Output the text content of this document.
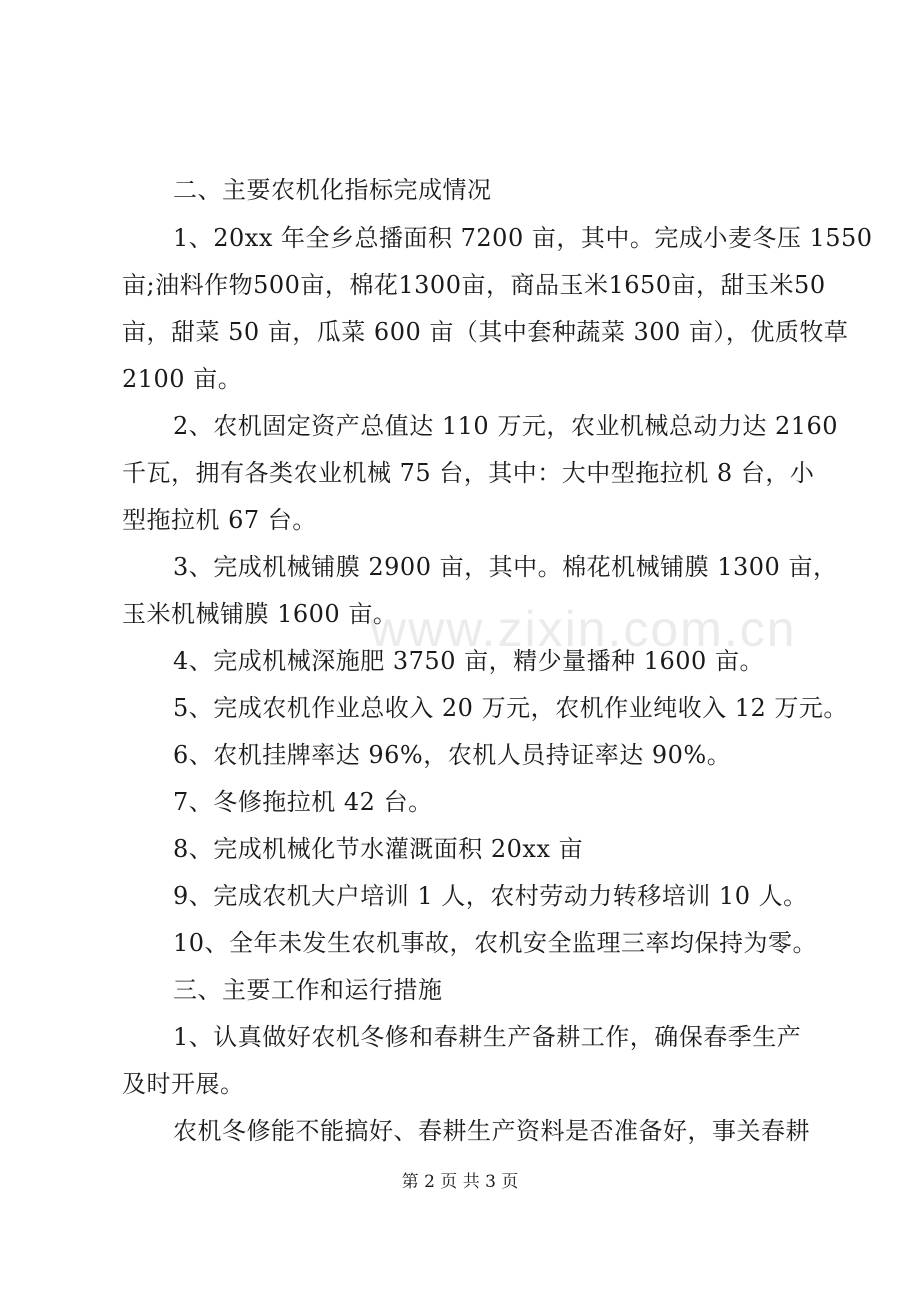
www.zixin.com.cn
二、主要农机化指标完成情况
1、20xx 年全乡总播面积 7200 亩，其中。完成小麦冬压 1550
亩;油料作物500亩，棉花1300亩，商品玉米1650亩，甜玉米50
亩，甜菜 50 亩，瓜菜 600 亩（其中套种蔬菜 300 亩），优质牧草
2100 亩。
2、农机固定资产总值达 110 万元，农业机械总动力达 2160
千瓦，拥有各类农业机械 75 台，其中：大中型拖拉机 8 台，小
型拖拉机 67 台。
3、完成机械铺膜 2900 亩，其中。棉花机械铺膜 1300 亩，
玉米机械铺膜 1600 亩。
4、完成机械深施肥 3750 亩，精少量播种 1600 亩。
5、完成农机作业总收入 20 万元，农机作业纯收入 12 万元。
6、农机挂牌率达 96%，农机人员持证率达 90%。
7、冬修拖拉机 42 台。
8、完成机械化节水灌溉面积 20xx 亩
9、完成农机大户培训 1 人，农村劳动力转移培训 10 人。
10、全年未发生农机事故，农机安全监理三率均保持为零。
三、主要工作和运行措施
1、认真做好农机冬修和春耕生产备耕工作，确保春季生产
及时开展。
农机冬修能不能搞好、春耕生产资料是否准备好，事关春耕
第 2 页 共 3 页
